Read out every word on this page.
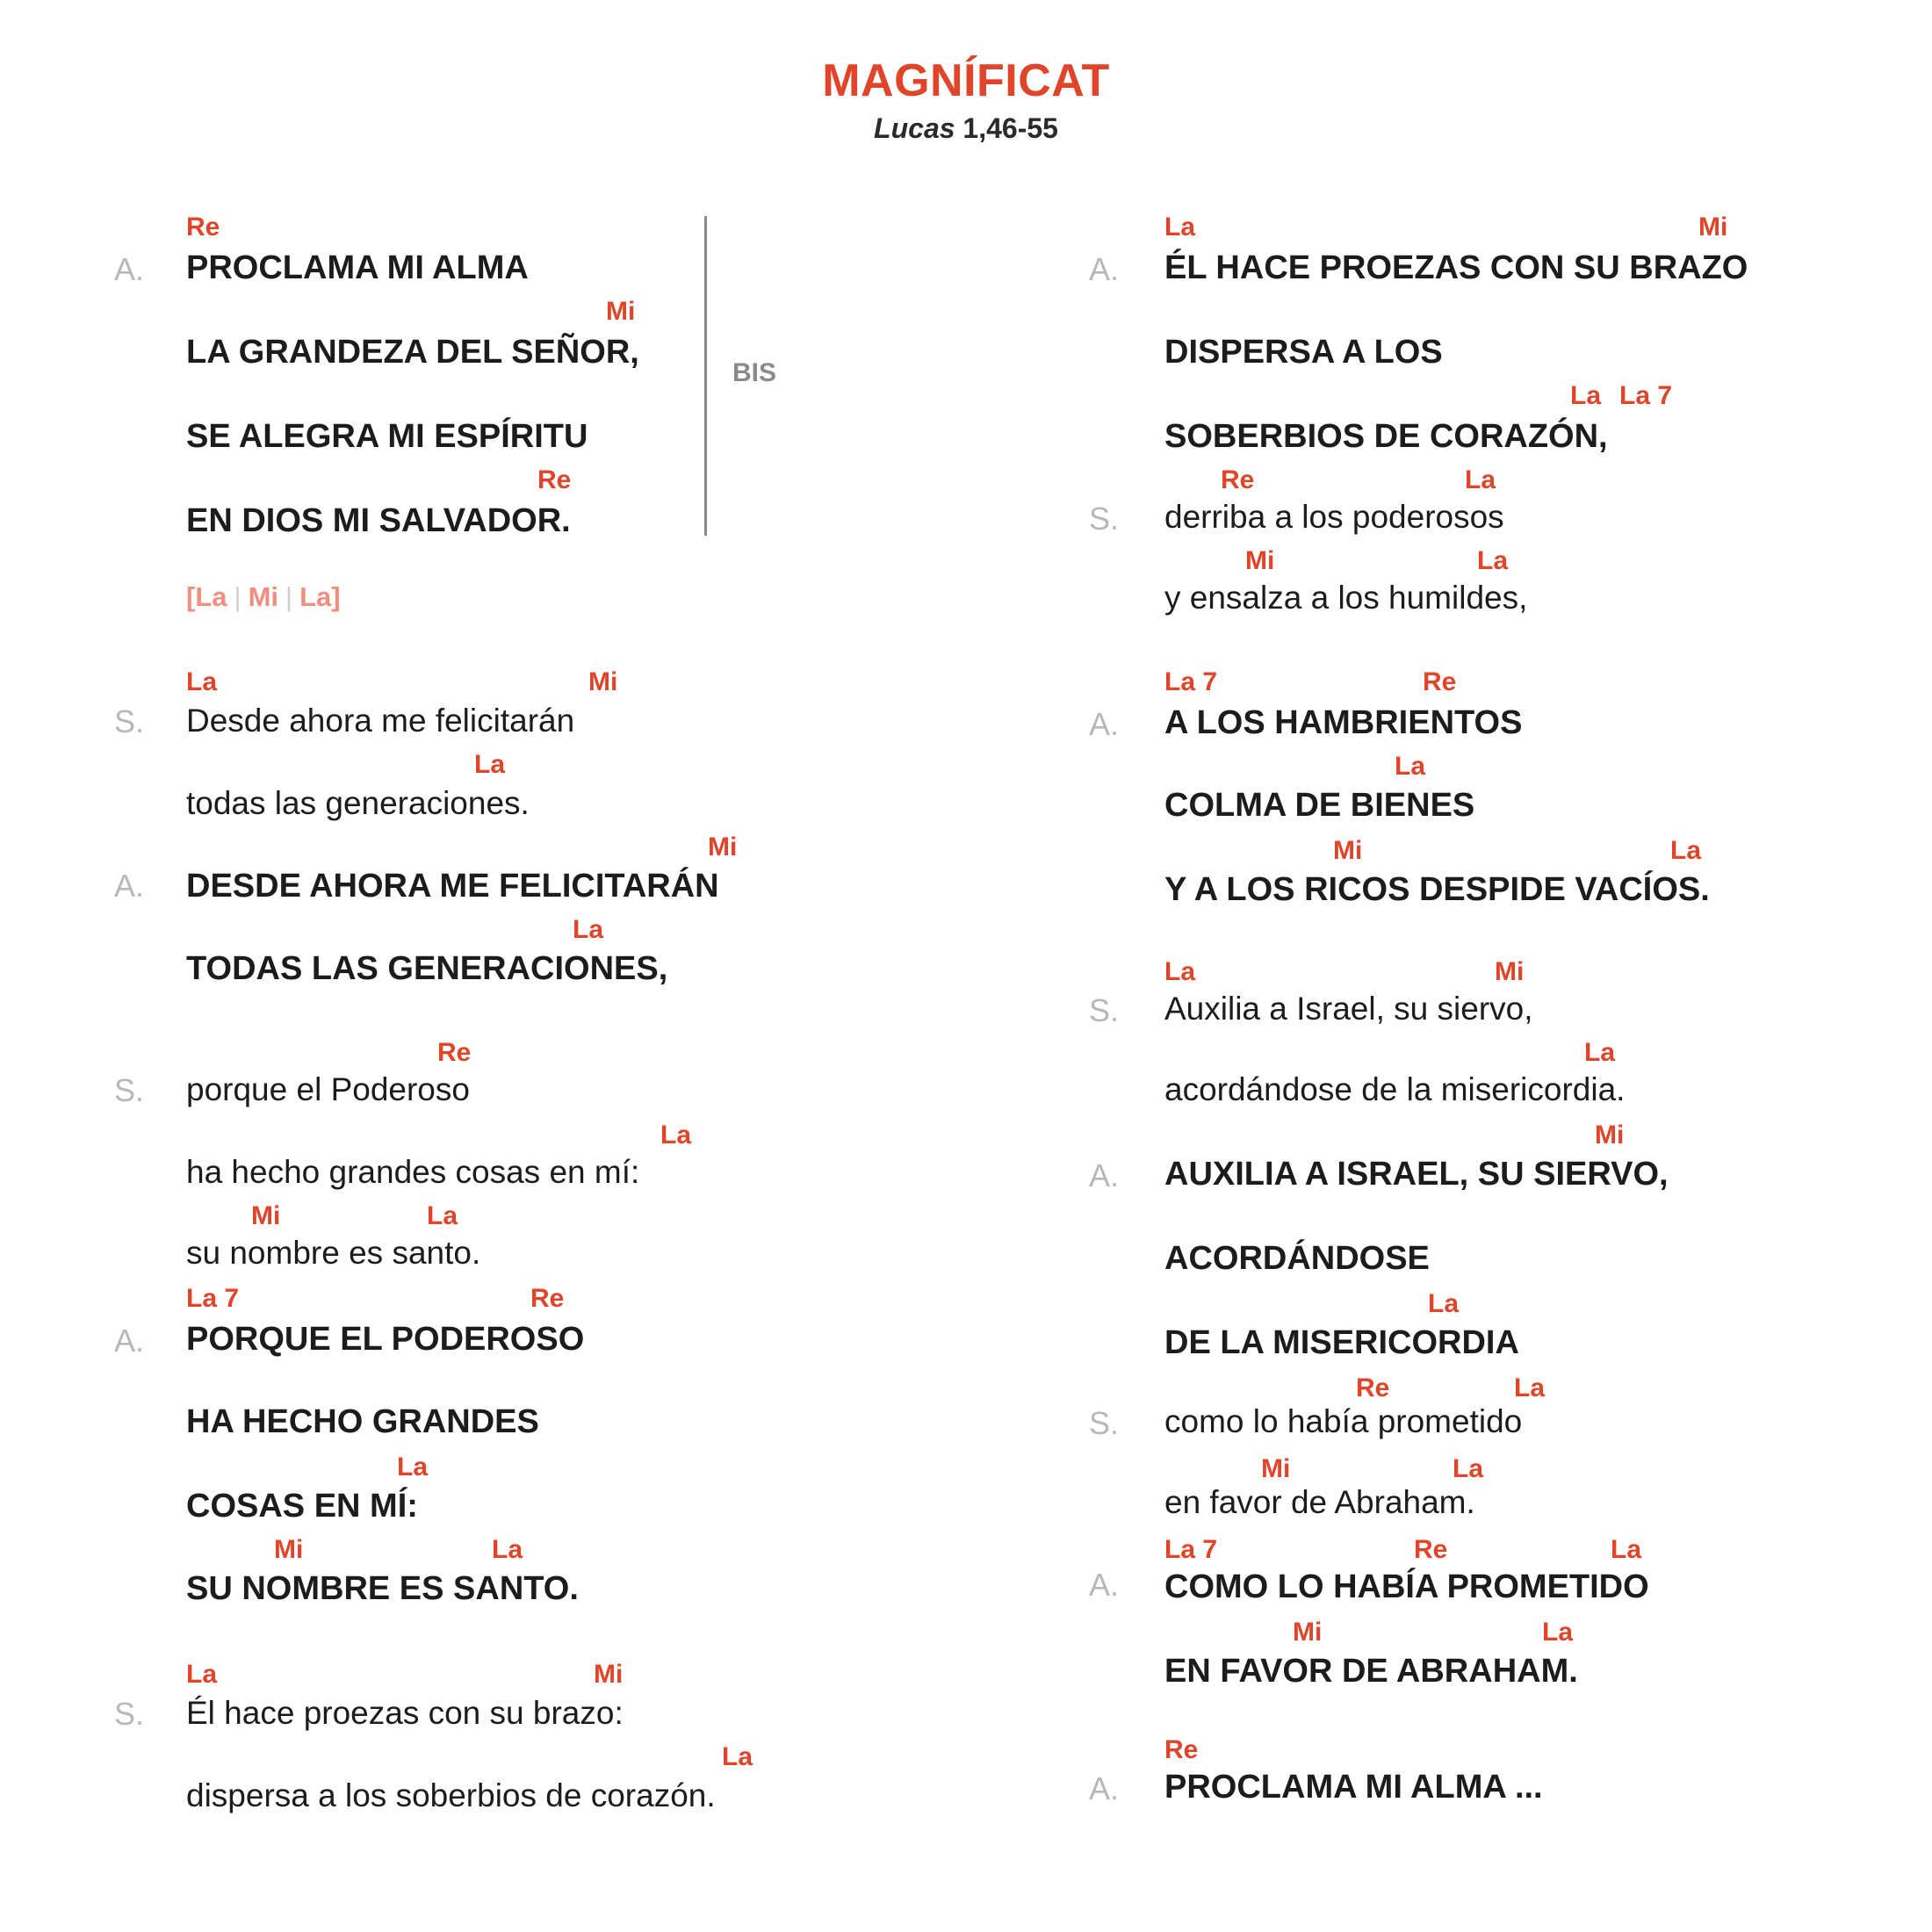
MAGNÍFICAT
Lucas 1,46-55
BIS
[La | Mi | La]
A.
S.
A.
S.
A.
S.
Re
Mi
Re
La	Mi
La
Mi
La
Re
La
Mi	La
La 7	Re
La
Mi	La
La	Mi
La
PROCLAMA MI ALMA
LA GRANDEZA DEL SEÑOR,
SE ALEGRA MI ESPÍRITU
EN DIOS MI SALVADOR.
Desde ahora me felicitarán
todas las generaciones.
DESDE AHORA ME FELICITARÁN
TODAS LAS GENERACIONES,
porque el Poderoso
ha hecho grandes cosas en mí:
su nombre es santo.
PORQUE EL PODEROSO
HA HECHO GRANDES
COSAS EN MÍ:
SU NOMBRE ES SANTO.
Él hace proezas con su brazo:
dispersa a los soberbios de corazón.
A.
S.
A.
S.
A.
S.
A.
A.
La	Mi
La La 7
Re	La
Mi	La
La 7	Re
La
Mi	La
La	Mi
La
Mi
La
Re	La
Mi	La
La 7	Re	La
Mi	La
Re
ÉL HACE PROEZAS CON SU BRAZO
DISPERSA A LOS
SOBERBIOS DE CORAZÓN,
derriba a los poderosos
y ensalza a los humildes,
A LOS HAMBRIENTOS
COLMA DE BIENES
Y A LOS RICOS DESPIDE VACÍOS.
Auxilia a Israel, su siervo,
acordándose de la misericordia.
AUXILIA A ISRAEL, SU SIERVO,
ACORDÁNDOSE
DE LA MISERICORDIA
como lo había prometido
en favor de Abraham.
COMO LO HABÍA PROMETIDO
EN FAVOR DE ABRAHAM.
PROCLAMA MI ALMA ...
